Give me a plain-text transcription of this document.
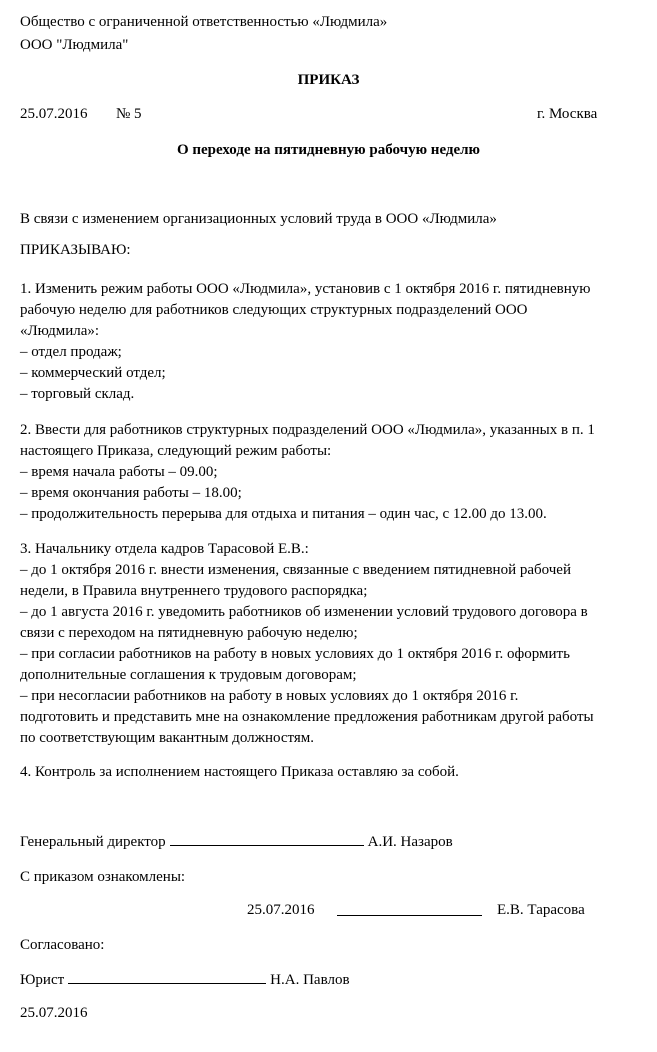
Общество с ограниченной ответственностью «Людмила»
ООО "Людмила"
ПРИКАЗ
25.07.2016 № 5	г. Москва
О переходе на пятидневную рабочую неделю
В связи с изменением организационных условий труда в ООО «Людмила»
ПРИКАЗЫВАЮ:
1. Изменить режим работы ООО «Людмила», установив с 1 октября 2016 г. пятидневную
рабочую неделю для работников следующих структурных подразделений ООО
«Людмила»:
– отдел продаж;
– коммерческий отдел;
– торговый склад.
2. Ввести для работников структурных подразделений ООО «Людмила», указанных в п. 1
настоящего Приказа, следующий режим работы:
– время начала работы – 09.00;
– время окончания работы – 18.00;
– продолжительность перерыва для отдыха и питания – один час, с 12.00 до 13.00.
3. Начальнику отдела кадров Тарасовой Е.В.:
– до 1 октября 2016 г. внести изменения, связанные с введением пятидневной рабочей
недели, в Правила внутреннего трудового распорядка;
– до 1 августа 2016 г. уведомить работников об изменении условий трудового договора в
связи с переходом на пятидневную рабочую неделю;
– при согласии работников на работу в новых условиях до 1 октября 2016 г. оформить
дополнительные соглашения к трудовым договорам;
– при несогласии работников на работу в новых условиях до 1 октября 2016 г.
подготовить и представить мне на ознакомление предложения работникам другой работы
по соответствующим вакантным должностям.
4. Контроль за исполнением настоящего Приказа оставляю за собой.
Генеральный директор	А.И. Назаров
С приказом ознакомлены:
25.07.2016	Е.В. Тарасова
Согласовано:
Юрист	Н.А. Павлов
25.07.2016
